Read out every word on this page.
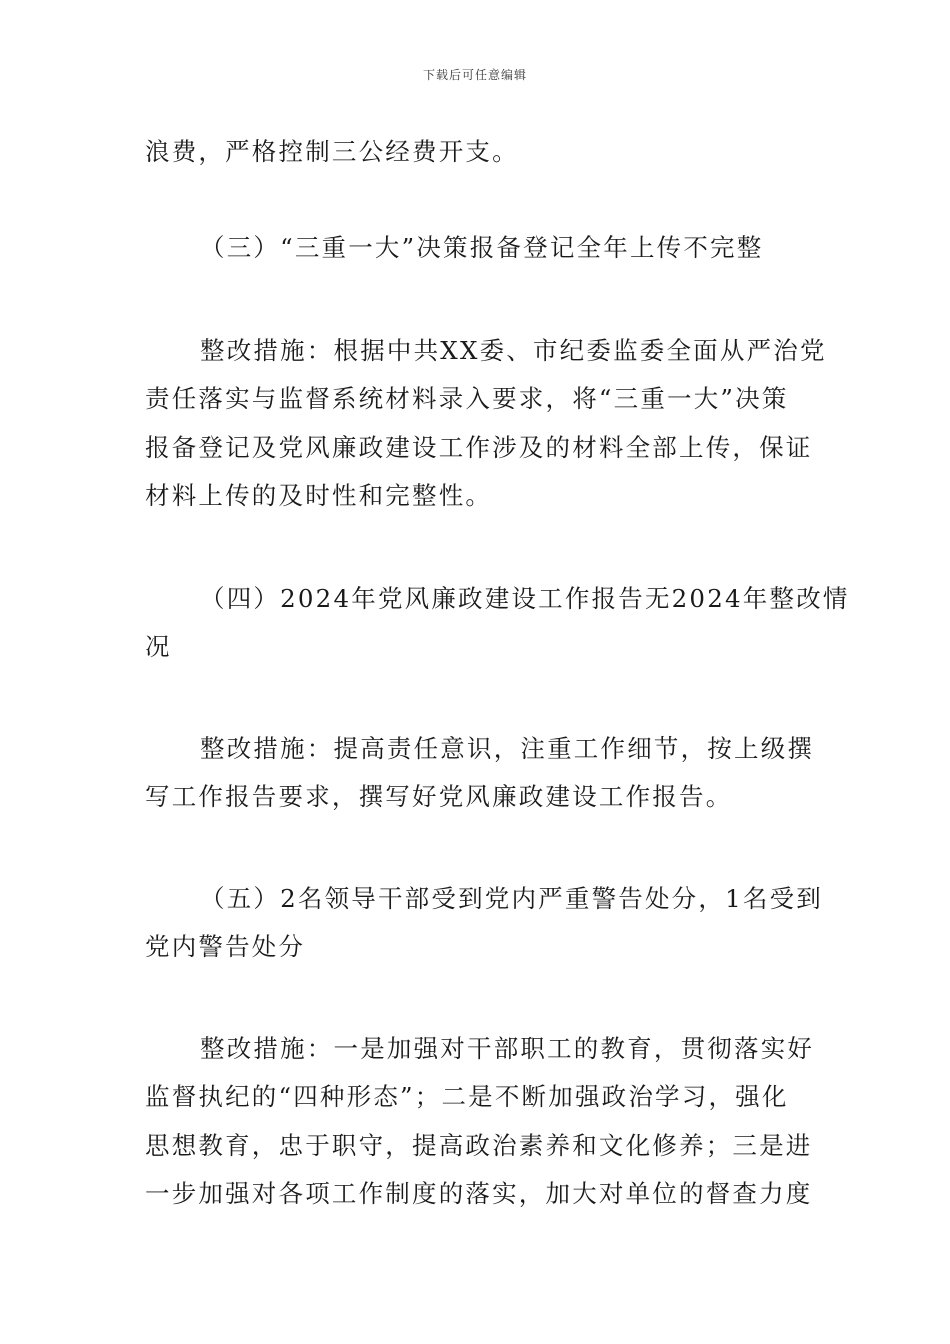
下载后可任意编辑
浪费，严格控制三公经费开支。
（三）“三重一大”决策报备登记全年上传不完整
整改措施：根据中共XX委、市纪委监委全面从严治党
责任落实与监督系统材料录入要求，将“三重一大”决策
报备登记及党风廉政建设工作涉及的材料全部上传，保证
材料上传的及时性和完整性。
（四）2024年党风廉政建设工作报告无2024年整改情
况
整改措施：提高责任意识，注重工作细节，按上级撰
写工作报告要求，撰写好党风廉政建设工作报告。
（五）2名领导干部受到党内严重警告处分，1名受到
党内警告处分
整改措施：一是加强对干部职工的教育，贯彻落实好
监督执纪的“四种形态”；二是不断加强政治学习，强化
思想教育，忠于职守，提高政治素养和文化修养；三是进
一步加强对各项工作制度的落实，加大对单位的督查力度
